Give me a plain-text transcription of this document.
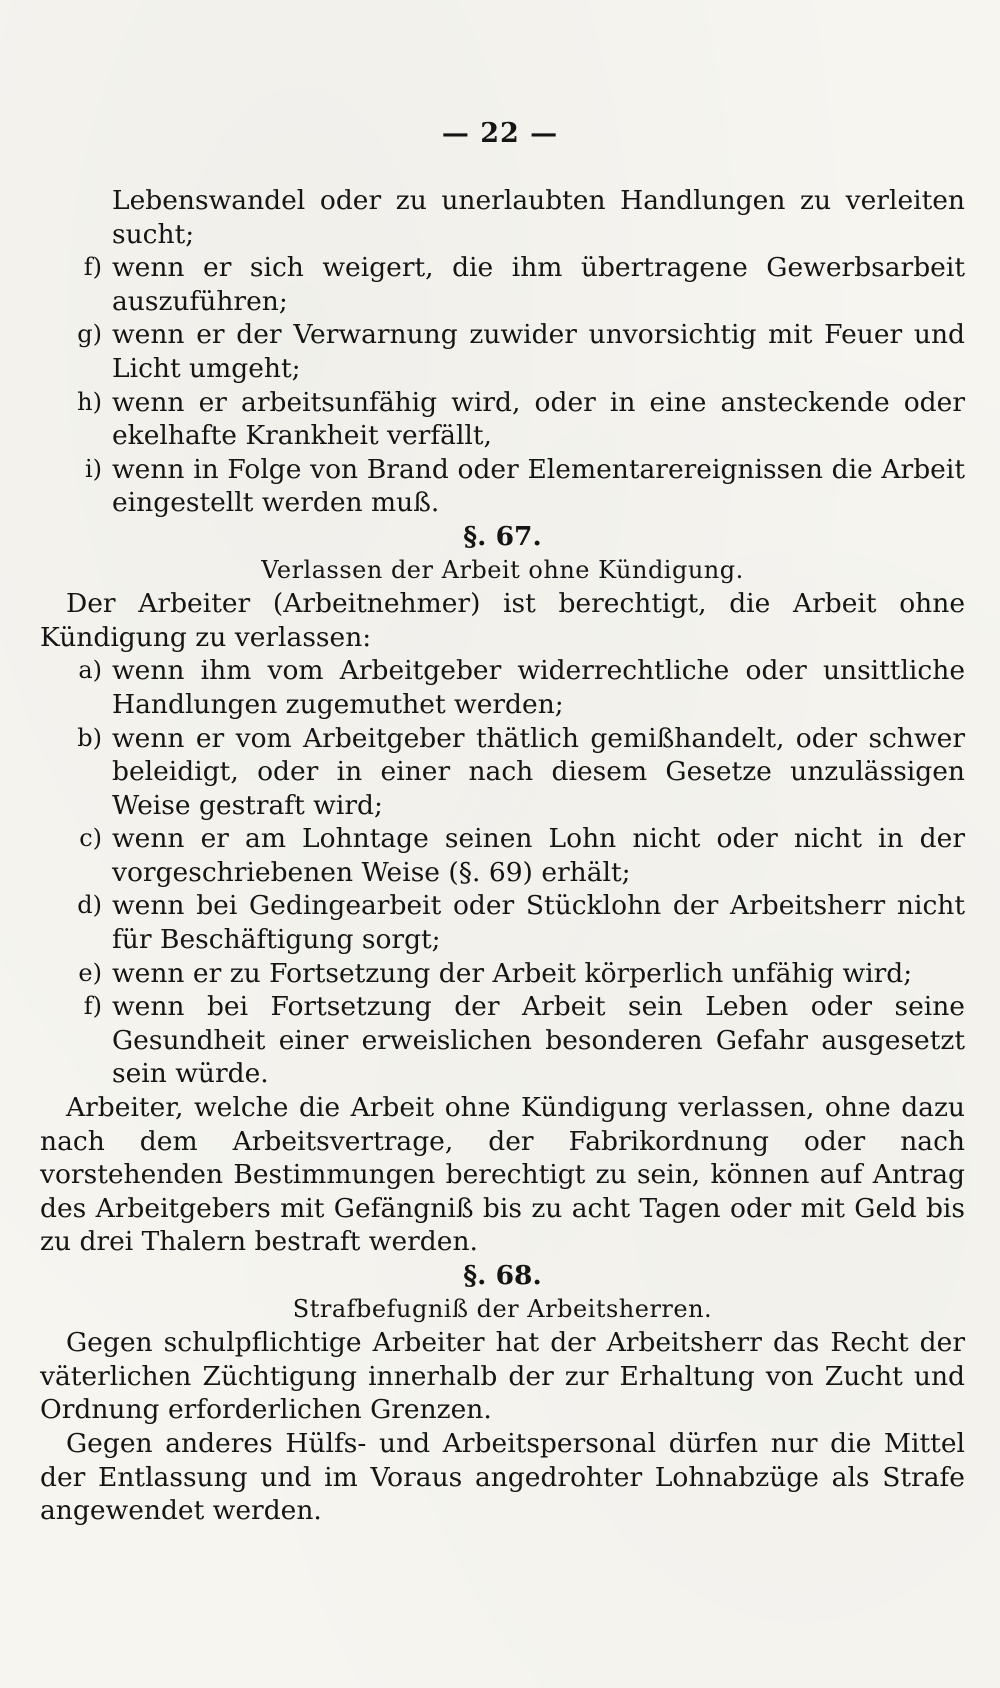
— 22 —
Lebenswandel oder zu unerlaubten Handlungen zu verleiten sucht;
f) wenn er sich weigert, die ihm übertragene Gewerbsarbeit auszuführen;
g) wenn er der Verwarnung zuwider unvorsichtig mit Feuer und Licht umgeht;
h) wenn er arbeitsunfähig wird, oder in eine ansteckende oder ekelhafte Krankheit verfällt,
i) wenn in Folge von Brand oder Elementarereignissen die Arbeit eingestellt werden muß.
§. 67.
Verlassen der Arbeit ohne Kündigung.
Der Arbeiter (Arbeitnehmer) ist berechtigt, die Arbeit ohne Kündigung zu verlassen:
a) wenn ihm vom Arbeitgeber widerrechtliche oder unsittliche Handlungen zugemuthet werden;
b) wenn er vom Arbeitgeber thätlich gemißhandelt, oder schwer beleidigt, oder in einer nach diesem Gesetze unzulässigen Weise gestraft wird;
c) wenn er am Lohntage seinen Lohn nicht oder nicht in der vorgeschriebenen Weise (§. 69) erhält;
d) wenn bei Gedingearbeit oder Stücklohn der Arbeitsherr nicht für Beschäftigung sorgt;
e) wenn er zu Fortsetzung der Arbeit körperlich unfähig wird;
f) wenn bei Fortsetzung der Arbeit sein Leben oder seine Gesundheit einer erweislichen besonderen Gefahr ausgesetzt sein würde.
Arbeiter, welche die Arbeit ohne Kündigung verlassen, ohne dazu nach dem Arbeitsvertrage, der Fabrikordnung oder nach vorstehenden Bestimmungen berechtigt zu sein, können auf Antrag des Arbeitgebers mit Gefängniß bis zu acht Tagen oder mit Geld bis zu drei Thalern bestraft werden.
§. 68.
Strafbefugniß der Arbeitsherren.
Gegen schulpflichtige Arbeiter hat der Arbeitsherr das Recht der väterlichen Züchtigung innerhalb der zur Erhaltung von Zucht und Ordnung erforderlichen Grenzen.
Gegen anderes Hülfs- und Arbeitspersonal dürfen nur die Mittel der Entlassung und im Voraus angedrohter Lohnabzüge als Strafe angewendet werden.
